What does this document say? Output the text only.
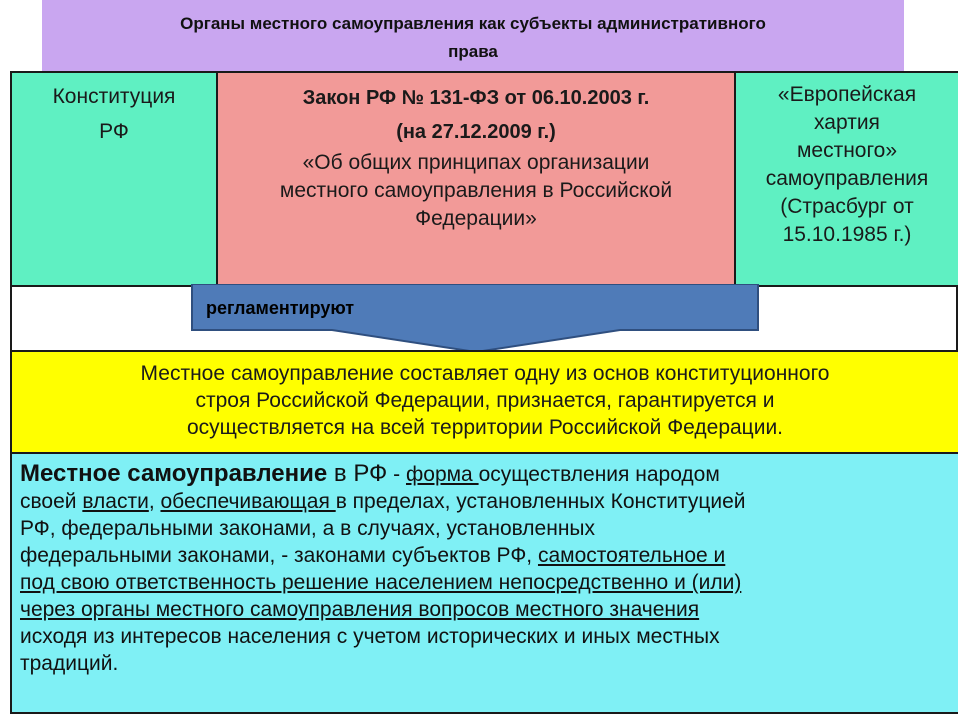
Органы местного самоуправления как субъекты административного
права
Конституция
РФ
Закон РФ № 131-ФЗ от 06.10.2003 г.
(на 27.12.2009 г.)
«Об общих принципах организации
местного самоуправления в Российской
Федерации»
«Европейская
хартия
местного»
самоуправления
(Страсбург от
15.10.1985 г.)
регламентируют
Местное самоуправление составляет одну из основ конституционного
строя Российской Федерации, признается, гарантируется и
осуществляется на всей территории Российской Федерации.
Местное самоуправление в РФ - форма осуществления народом
своей власти, обеспечивающая в пределах, установленных Конституцией
РФ, федеральными законами, а в случаях, установленных
федеральными законами, - законами субъектов РФ, самостоятельное и
под свою ответственность решение населением непосредственно и (или)
через органы местного самоуправления вопросов местного значения
исходя из интересов населения с учетом исторических и иных местных
традиций.
